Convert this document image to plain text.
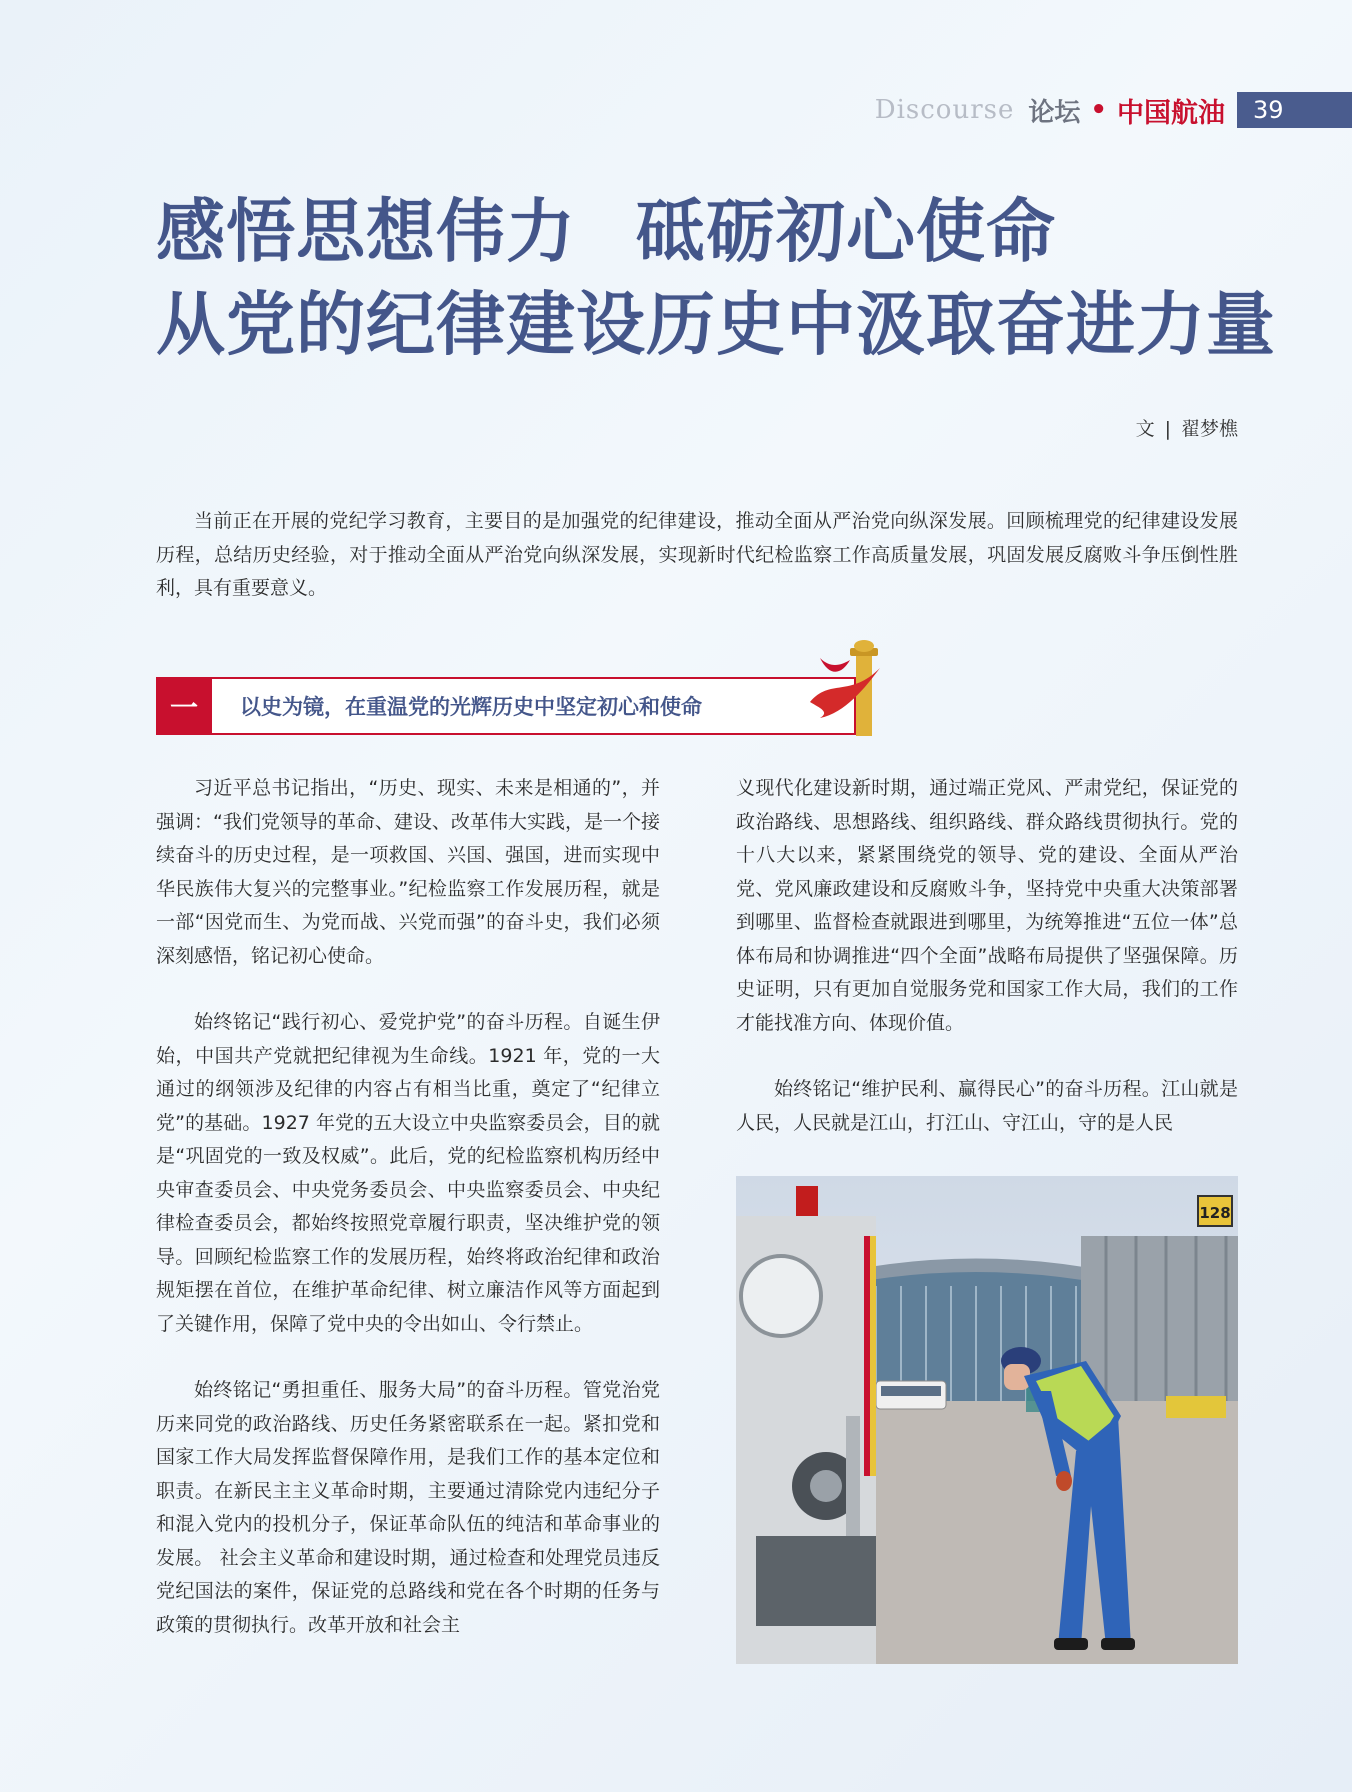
Discourse 论坛 • 中国航油	39
感悟思想伟力 砥砺初心使命
从党的纪律建设历史中汲取奋进力量
文 | 翟梦樵

当前正在开展的党纪学习教育，主要目的是加强党的纪律建设，推动全面从严治党向纵深发展。回顾梳理党的纪律建设发展历程，总结历史经验，对于推动全面从严治党向纵深发展，实现新时代纪检监察工作高质量发展，巩固发展反腐败斗争压倒性胜利，具有重要意义。

一	以史为镜，在重温党的光辉历史中坚定初心和使命

习近平总书记指出，“历史、现实、未来是相通的”，并强调：“我们党领导的革命、建设、改革伟大实践，是一个接续奋斗的历史过程，是一项救国、兴国、强国，进而实现中华民族伟大复兴的完整事业。”纪检监察工作发展历程，就是一部“因党而生、为党而战、兴党而强”的奋斗史，我们必须深刻感悟，铭记初心使命。

始终铭记“践行初心、爱党护党”的奋斗历程。自诞生伊始，中国共产党就把纪律视为生命线。1921 年，党的一大通过的纲领涉及纪律的内容占有相当比重，奠定了“纪律立党”的基础。1927 年党的五大设立中央监察委员会，目的就是“巩固党的一致及权威”。此后，党的纪检监察机构历经中央审查委员会、中央党务委员会、中央监察委员会、中央纪律检查委员会，都始终按照党章履行职责，坚决维护党的领导。回顾纪检监察工作的发展历程，始终将政治纪律和政治规矩摆在首位，在维护革命纪律、树立廉洁作风等方面起到了关键作用，保障了党中央的令出如山、令行禁止。

始终铭记“勇担重任、服务大局”的奋斗历程。管党治党历来同党的政治路线、历史任务紧密联系在一起。紧扣党和国家工作大局发挥监督保障作用，是我们工作的基本定位和职责。在新民主主义革命时期，主要通过清除党内违纪分子和混入党内的投机分子，保证革命队伍的纯洁和革命事业的发展。 社会主义革命和建设时期，通过检查和处理党员违反党纪国法的案件，保证党的总路线和党在各个时期的任务与政策的贯彻执行。改革开放和社会主

义现代化建设新时期，通过端正党风、严肃党纪，保证党的政治路线、思想路线、组织路线、群众路线贯彻执行。党的十八大以来，紧紧围绕党的领导、党的建设、全面从严治党、党风廉政建设和反腐败斗争，坚持党中央重大决策部署到哪里、监督检查就跟进到哪里，为统筹推进“五位一体”总体布局和协调推进“四个全面”战略布局提供了坚强保障。历史证明，只有更加自觉服务党和国家工作大局，我们的工作才能找准方向、体现价值。

始终铭记“维护民利、赢得民心”的奋斗历程。江山就是人民，人民就是江山，打江山、守江山，守的是人民

128
